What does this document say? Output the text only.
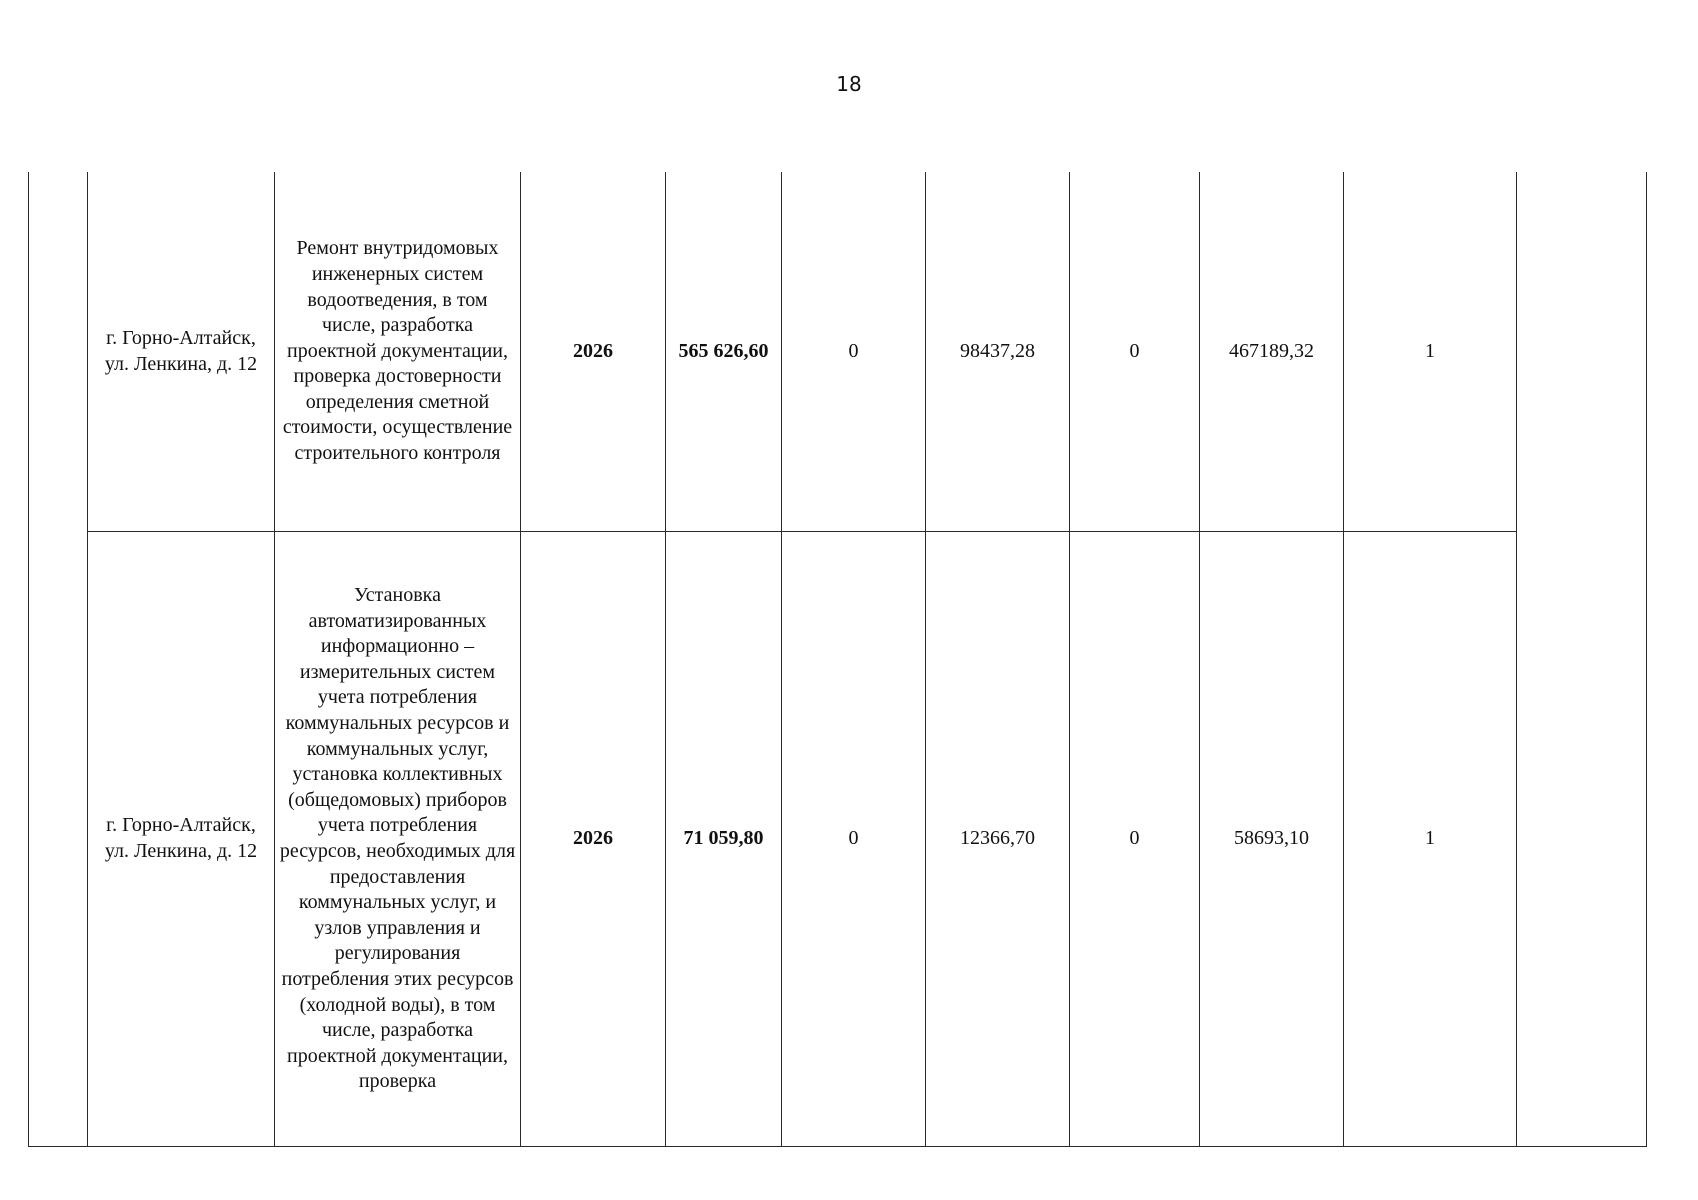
18
	г. Горно-Алтайск, ул. Ленкина, д. 12	Ремонт внутридомовых инженерных систем водоотведения, в том числе, разработка проектной документации, проверка достоверности определения сметной стоимости, осуществление строительного контроля	2026	565 626,60	0	98437,28	0	467189,32	1	
	г. Горно-Алтайск, ул. Ленкина, д. 12	Установка автоматизированных информационно – измерительных систем учета потребления коммунальных ресурсов и коммунальных услуг, установка коллективных (общедомовых) приборов учета потребления ресурсов, необходимых для предоставления коммунальных услуг, и узлов управления и регулирования потребления этих ресурсов (холодной воды), в том числе, разработка проектной документации, проверка	2026	71 059,80	0	12366,70	0	58693,10	1	
